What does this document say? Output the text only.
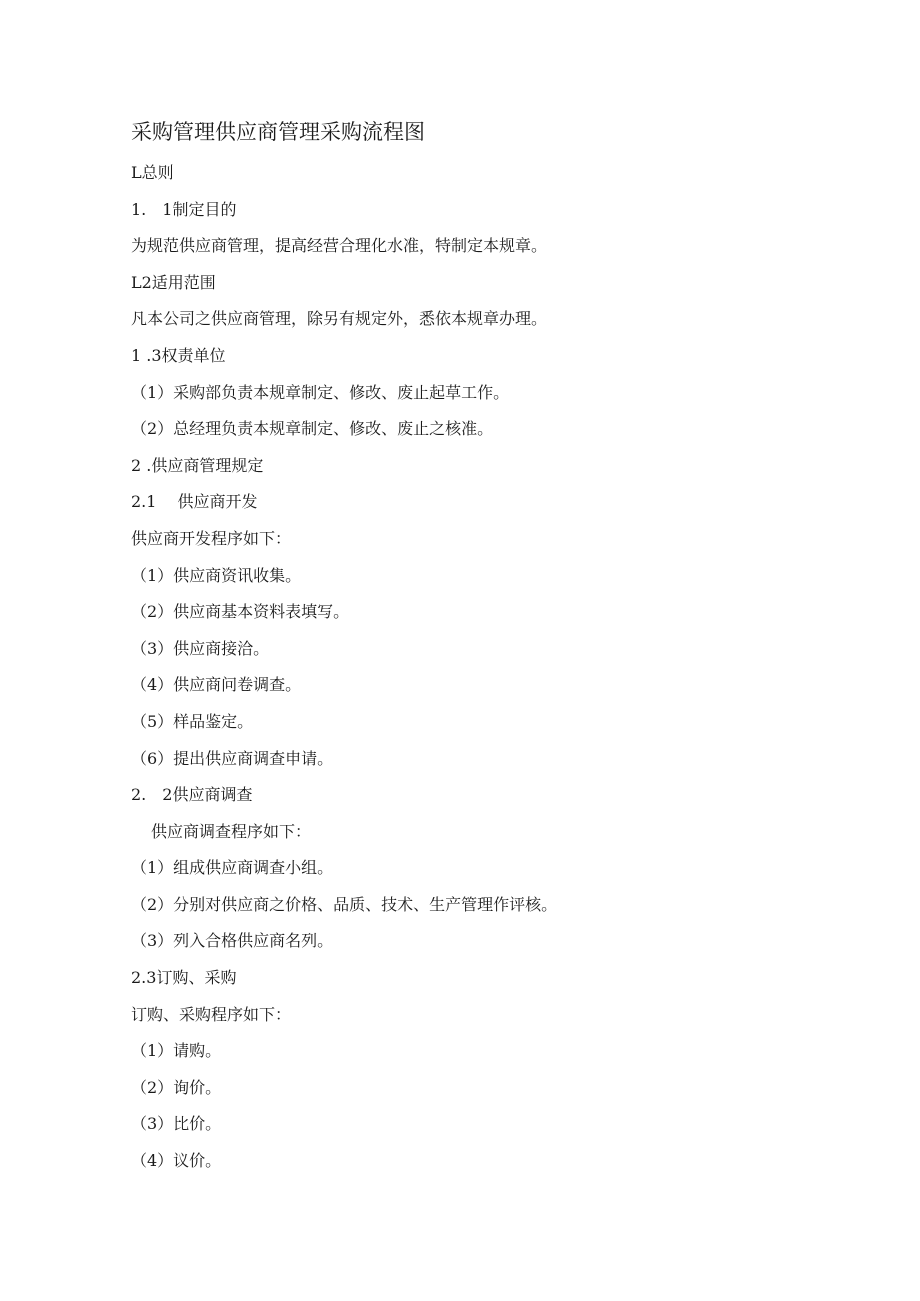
采购管理供应商管理采购流程图

L总则

1.　1制定目的

为规范供应商管理，提高经营合理化水准，特制定本规章。

L2适用范围

凡本公司之供应商管理，除另有规定外，悉依本规章办理。

1 .3权责单位

（1）采购部负责本规章制定、修改、废止起草工作。

（2）总经理负责本规章制定、修改、废止之核准。

2 .供应商管理规定

2.1　 供应商开发

供应商开发程序如下：

（1）供应商资讯收集。

（2）供应商基本资料表填写。

（3）供应商接洽。

（4）供应商问卷调查。

（5）样品鉴定。

（6）提出供应商调查申请。

2.　2供应商调查

供应商调查程序如下：

（1）组成供应商调查小组。

（2）分别对供应商之价格、品质、技术、生产管理作评核。

（3）列入合格供应商名列。

2.3订购、采购

订购、采购程序如下：

（1）请购。

（2）询价。

（3）比价。

（4）议价。
